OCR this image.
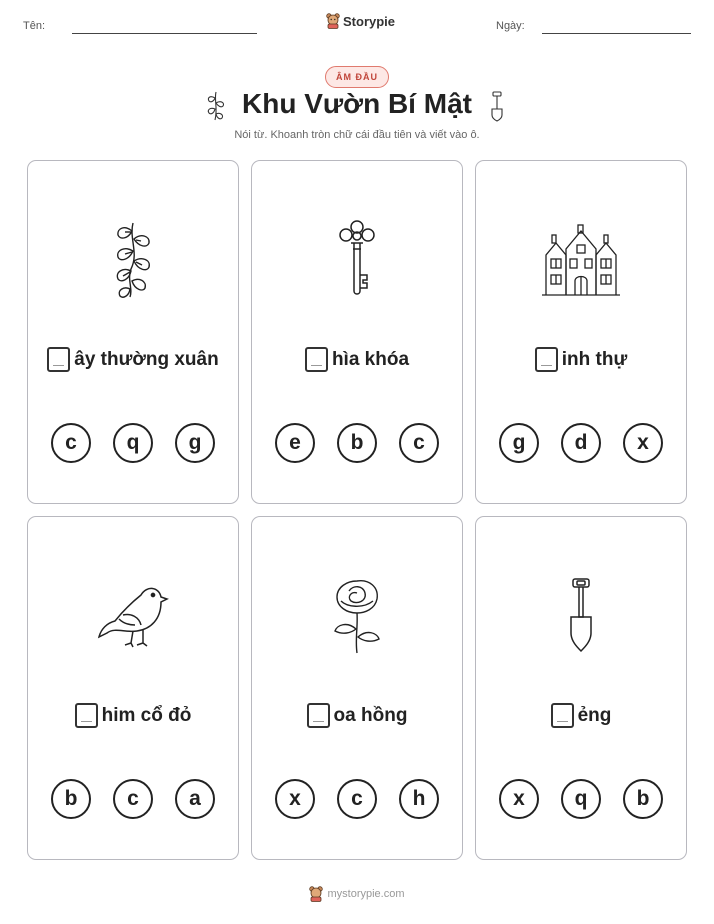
Tên:	Storypie	Ngày:
ÂM ĐẦU
Khu Vườn Bí Mật
Nói từ. Khoanh tròn chữ cái đầu tiên và viết vào ô.
ây thường xuân
c	q	g
hìa khóa
e	b	c
inh thự
g	d	x
him cổ đỏ
b	c	a
oa hồng
x	c	h
ẻng
x	q	b
mystorypie.com
